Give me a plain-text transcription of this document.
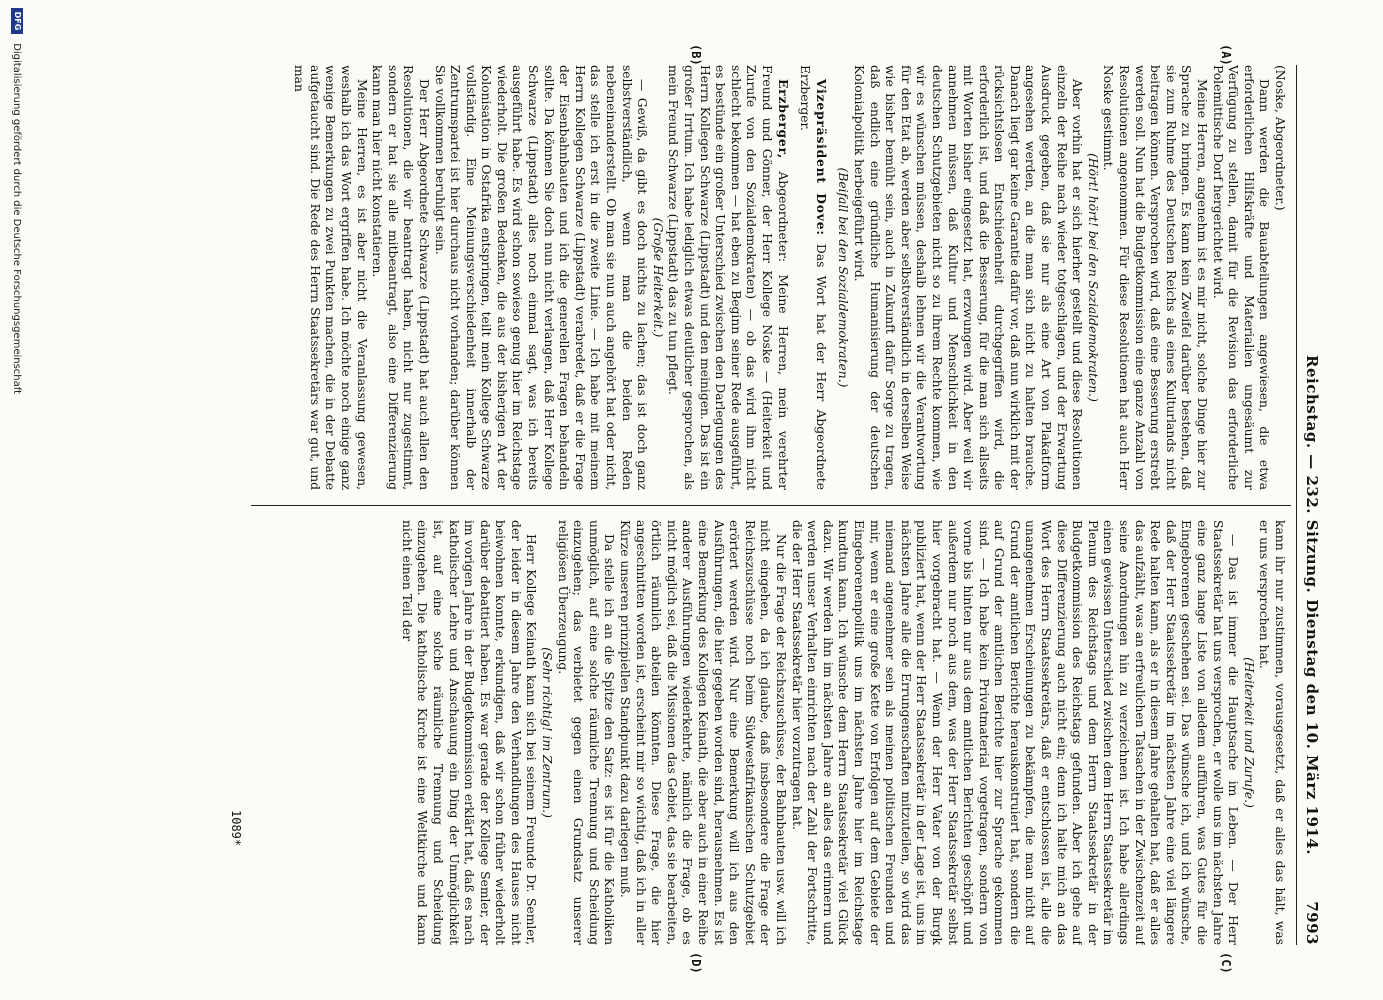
Reichstag. — 232. Sitzung.
Dienstag den 10. März 1914.
7993
(A)
(B)
(C)
(D)

(Noske, Abgeordneter.)

Dann werden die Bauabteilungen angewiesen, die etwa erforderlichen Hilfskräfte und Materialien ungesäumt zur Verfügung zu stellen, damit für die Revision das erforderliche Polemittische Dorf hergerichtet wird.

Meine Herren, angenehm ist es mir nicht, solche Dinge hier zur Sprache zu bringen. Es kann kein Zweifel darüber bestehen, daß sie zum Ruhme des Deutschen Reichs als eines Kulturlands nicht beitragen können. Versprochen wird, daß eine Besserung erstrebt werden soll. Nun hat die Budgetkommission eine ganze Anzahl von Resolutionen angenommen. Für diese Resolutionen hat auch Herr Noske gestimmt.

(Hört! hört! bei den Sozialdemokraten.)

Aber vorhin hat er sich hierher gestellt und diese Resolutionen einzeln der Reihe nach wieder totgeschlagen, und der Erwartung Ausdruck gegeben, daß sie nur als eine Art von Plakatform angesehen werden, an die man sich nicht zu halten brauche. Danach liegt gar keine Garantie dafür vor, daß nun wirklich mit der rücksichtslosen Entschiedenheit durchgegriffen wird, die erforderlich ist, und daß die Besserung, für die man sich allseits mit Worten bisher eingesetzt hat, erzwungen wird. Aber weil wir annehmen müssen, daß Kultur und Menschlichkeit in den deutschen Schutzgebieten nicht so zu ihrem Rechte kommen, wie wir es wünschen müssen, deshalb lehnen wir die Verantwortung für den Etat ab, werden aber selbstverständlich in derselben Weise wie bisher bemüht sein, auch in Zukunft dafür Sorge zu tragen, daß endlich eine gründliche Humanisierung der deutschen Kolonialpolitik herbeigeführt wird.

(Beifall bei den Sozialdemokraten.)

Vizepräsident Dove: Das Wort hat der Herr Abgeordnete Erzberger.

Erzberger, Abgeordneter: Meine Herren, mein verehrter Freund und Gönner, der Herr Kollege Noske — (Heiterkeit und Zurufe von den Sozialdemokraten) — ob das wird ihm nicht schlecht bekommen — hat eben zu Beginn seiner Rede ausgeführt, es bestünde ein großer Unterschied zwischen den Darlegungen des Herrn Kollegen Schwarze (Lippstadt) und den meinigen. Das ist ein großer Irrtum. Ich habe lediglich etwas deutlicher gesprochen, als mein Freund Schwarze (Lippstadt) das zu tun pflegt.

(Große Heiterkeit.)

— Gewiß, da gibt es doch nichts zu lachen; das ist doch ganz selbstverständlich, wenn man die beiden Reden nebeneinanderstellt. Ob man sie nun auch angehört hat oder nicht, das stelle ich erst in die zweite Linie. — Ich habe mit meinem Herrn Kollegen Schwarze (Lippstadt) verabredet, daß er die Frage der Eisenbahnbauten und ich die generellen Fragen behandeln sollte. Da können Sie doch nun nicht verlangen, daß Herr Kollege Schwarze (Lippstadt) alles noch einmal sagt, was ich bereits ausgeführt habe. Es wird schon sowieso genug hier im Reichstage wiederholt. Die großen Bedenken, die aus der bisherigen Art der Kolonisation in Ostafrika entspringen, teilt mein Kollege Schwarze vollständig. Eine Meinungsverschiedenheit innerhalb der Zentrumspartei ist hier durchaus nicht vorhanden; darüber können Sie vollkommen beruhigt sein.

Der Herr Abgeordnete Schwarze (Lippstadt) hat auch allen den Resolutionen, die wir beantragt haben, nicht nur zugestimmt, sondern er hat sie alle mitbeantragt, also eine Differenzierung kann man hier nicht konstatieren.

Meine Herren, es ist aber nicht die Veranlassung gewesen, weshalb ich das Wort ergriffen habe. Ich möchte noch einige ganz wenige Bemerkungen zu zwei Punkten machen, die in der Debatte aufgetaucht sind. Die Rede des Herrn Staatssekretärs war gut, und man

kann ihr nur zustimmen, vorausgesetzt, daß er alles das hält, was er uns versprochen hat.

(Heiterkeit und Zurufe.)

— Das ist immer die Hauptsache im Leben. — Der Herr Staatssekretär hat uns versprochen, er wolle uns im nächsten Jahre eine ganz lange Liste von alledem aufführen, was Gutes für die Eingeborenen geschehen sei. Das wünsche ich, und ich wünsche, daß der Herr Staatssekretär im nächsten Jahre eine viel längere Rede halten kann, als er in diesem Jahre gehalten hat, daß er alles das aufzählt, was an erfreulichen Tatsachen in der Zwischenzeit auf seine Anordnungen hin zu verzeichnen ist. Ich habe allerdings einen gewissen Unterschied zwischen dem Herrn Staatssekretär im Plenum des Reichstags und dem Herrn Staatssekretär in der Budgetkommission des Reichstags gefunden. Aber ich gehe auf diese Differenzierung auch nicht ein; denn ich halte mich an das Wort des Herrn Staatssekretärs, daß er entschlossen ist, alle die unangenehmen Erscheinungen zu bekämpfen, die man nicht auf Grund der amtlichen Berichte herauskonstruiert hat, sondern die auf Grund der amtlichen Berichte hier zur Sprache gekommen sind. — Ich habe kein Privatmaterial vorgetragen, sondern von vorne bis hinten nur aus dem amtlichen Berichten geschöpft und außerdem nur noch aus dem, was der Herr Staatssekretär selbst hier vorgebracht hat. — Wenn der Herr Vater von der Burgk publiziert hat, wenn der Herr Staatssekretär in der Lage ist, uns im nächsten Jahre alle die Errungenschaften mitzuteilen, so wird das niemand angenehmer sein als meinen politischen Freunden und mir, wenn er eine große Kette von Erfolgen auf dem Gebiete der Eingeborenenpolitik uns im nächsten Jahre hier im Reichstage kundtun kann. Ich wünsche dem Herrn Staatssekretär viel Glück dazu. Wir werden ihn im nächsten Jahre an alles das erinnern und werden unser Verhalten einrichten nach der Zahl der Fortschritte, die der Herr Staatssekretär hier vorzutragen hat.

Nur die Frage der Reichszuschüsse, der Bahnbauten usw. will ich nicht eingehen, da ich glaube, daß insbesondere die Frage der Reichszuschüsse noch beim Südwestafrikanischen Schutzgebiet erörtert werden wird. Nur eine Bemerkung will ich aus den Ausführungen, die hier gegeben worden sind, herausnehmen. Es ist eine Bemerkung des Kollegen Keinath, die aber auch in einer Reihe anderer Ausführungen wiederkehrte, nämlich die Frage, ob es nicht möglich sei, daß die Missionen das Gebiet, das sie bearbeiten, örtlich räumlich abteilen könnten. Diese Frage, die hier angeschnitten worden ist, erscheint mir so wichtig, daß ich in aller Kürze unseren prinzipiellen Standpunkt dazu darlegen muß.

Da stelle ich an die Spitze den Satz: es ist für die Katholiken unmöglich, auf eine solche räumliche Trennung und Scheidung einzugehen; das verbietet gegen einen Grundsatz unserer religiösen Überzeugung.

(Sehr richtig! im Zentrum.)

Herr Kollege Keinath kann sich bei seinem Freunde Dr. Semler, der leider in diesem Jahre den Verhandlungen des Hauses nicht beiwohnen konnte, erkundigen, daß wir schon früher wiederholt darüber debattiert haben. Es war gerade der Kollege Semler, der im vorigen Jahre in der Budgetkommission erklärt hat, daß es nach katholischer Lehre und Anschauung ein Ding der Unmöglichkeit ist, auf eine solche räumliche Trennung und Scheidung einzugehen. Die katholische Kirche ist eine Weltkirche und kann nicht einen Teil der

1089*
DFG Digitalisierung gefördert durch die Deutsche Forschungsgemeinschaft
